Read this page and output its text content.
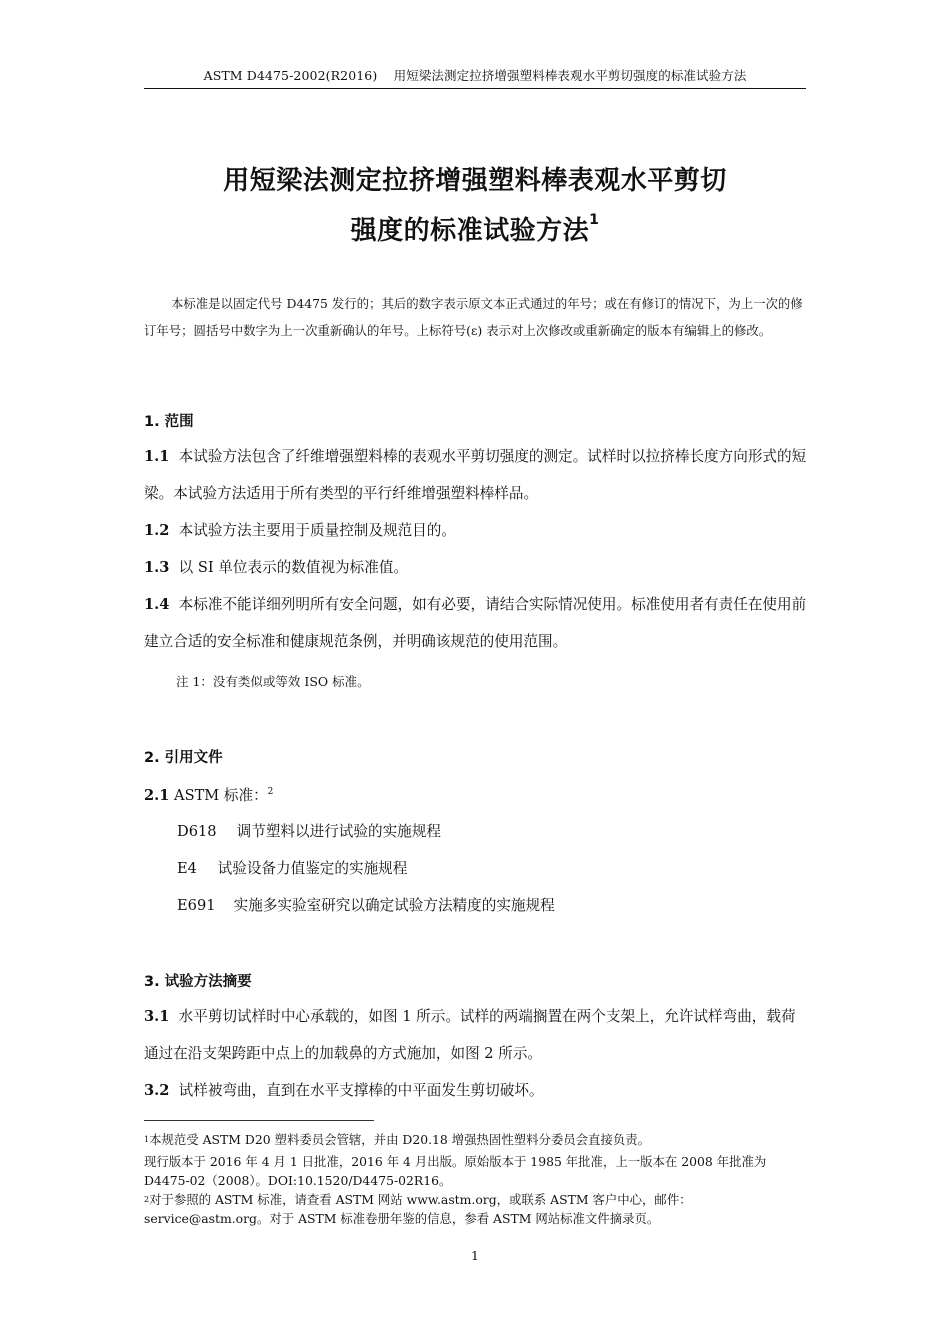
ASTM D4475-2002(R2016)    用短梁法测定拉挤增强塑料棒表观水平剪切强度的标准试验方法
用短梁法测定拉挤增强塑料棒表观水平剪切
强度的标准试验方法$^1$
本标准是以固定代号 D4475 发行的；其后的数字表示原文本正式通过的年号；或在有修订的情况下，为上一次的修订年号；圆括号中数字为上一次重新确认的年号。上标符号(ε) 表示对上次修改或重新确定的版本有编辑上的修改。
1. 范围
1.1 本试验方法包含了纤维增强塑料棒的表观水平剪切强度的测定。试样时以拉挤棒长度方向形式的短梁。本试验方法适用于所有类型的平行纤维增强塑料棒样品。
1.2 本试验方法主要用于质量控制及规范目的。
1.3 以 SI 单位表示的数值视为标准值。
1.4 本标准不能详细列明所有安全问题，如有必要，请结合实际情况使用。标准使用者有责任在使用前建立合适的安全标准和健康规范条例，并明确该规范的使用范围。
注 1：没有类似或等效 ISO 标准。
2. 引用文件
2.1 ASTM 标准：$^2$
D618 调节塑料以进行试验的实施规程
E4 试验设备力值鉴定的实施规程
E691 实施多实验室研究以确定试验方法精度的实施规程
3. 试验方法摘要
3.1 水平剪切试样时中心承载的，如图 1 所示。试样的两端搁置在两个支架上，允许试样弯曲，载荷通过在沿支架跨距中点上的加载鼻的方式施加，如图 2 所示。
3.2 试样被弯曲，直到在水平支撑棒的中平面发生剪切破坏。
$^1$本规范受 ASTM D20 塑料委员会管辖，并由 D20.18 增强热固性塑料分委员会直接负责。
现行版本于 2016 年 4 月 1 日批准，2016 年 4 月出版。原始版本于 1985 年批准，上一版本在 2008 年批准为 D4475-02（2008）。DOI:10.1520/D4475-02R16。
$^2$对于参照的 ASTM 标准，请查看 ASTM 网站 www.astm.org，或联系 ASTM 客户中心，邮件：service@astm.org。对于 ASTM 标准卷册年鉴的信息，参看 ASTM 网站标准文件摘录页。
1
